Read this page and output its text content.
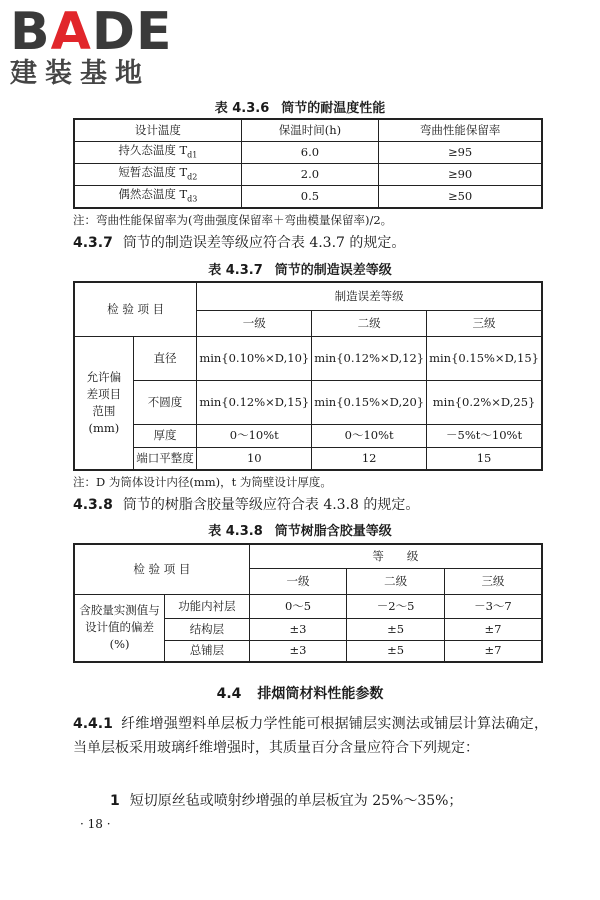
BADE
建装基地
表 4.3.6 筒节的耐温度性能
设计温度	保温时间(h)	弯曲性能保留率
持久态温度 $T_{d1}$	6.0	≥95
短暂态温度 $T_{d2}$	2.0	≥90
偶然态温度 $T_{d3}$	0.5	≥50
注：弯曲性能保留率为(弯曲强度保留率＋弯曲模量保留率)/2。
4.3.7 筒节的制造误差等级应符合表 4.3.7 的规定。
表 4.3.7 筒节的制造误差等级
检 验 项 目		制造误差等级		
		一级	二级	三级
允许偏差项目范围(mm)	直径	min{0.10%×D,10}	min{0.12%×D,12}	min{0.15%×D,15}
	不圆度	min{0.12%×D,15}	min{0.15%×D,20}	min{0.2%×D,25}
	厚度	0～10%t	0～10%t	－5%t～10%t
	端口平整度	10	12	15
注：D 为筒体设计内径(mm)，t 为筒壁设计厚度。
4.3.8 筒节的树脂含胶量等级应符合表 4.3.8 的规定。
表 4.3.8 筒节树脂含胶量等级
检 验 项 目		等　　级		
		一级	二级	三级
含胶量实测值与设计值的偏差(%)	功能内衬层	0～5	－2～5	－3～7
	结构层	±3	±5	±7
	总铺层	±3	±5	±7
4.4 排烟筒材料性能参数
4.4.1 纤维增强塑料单层板力学性能可根据铺层实测法或铺层计算法确定，当单层板采用玻璃纤维增强时，其质量百分含量应符合下列规定：
1 短切原丝毡或喷射纱增强的单层板宜为 25%～35%；
· 18 ·
